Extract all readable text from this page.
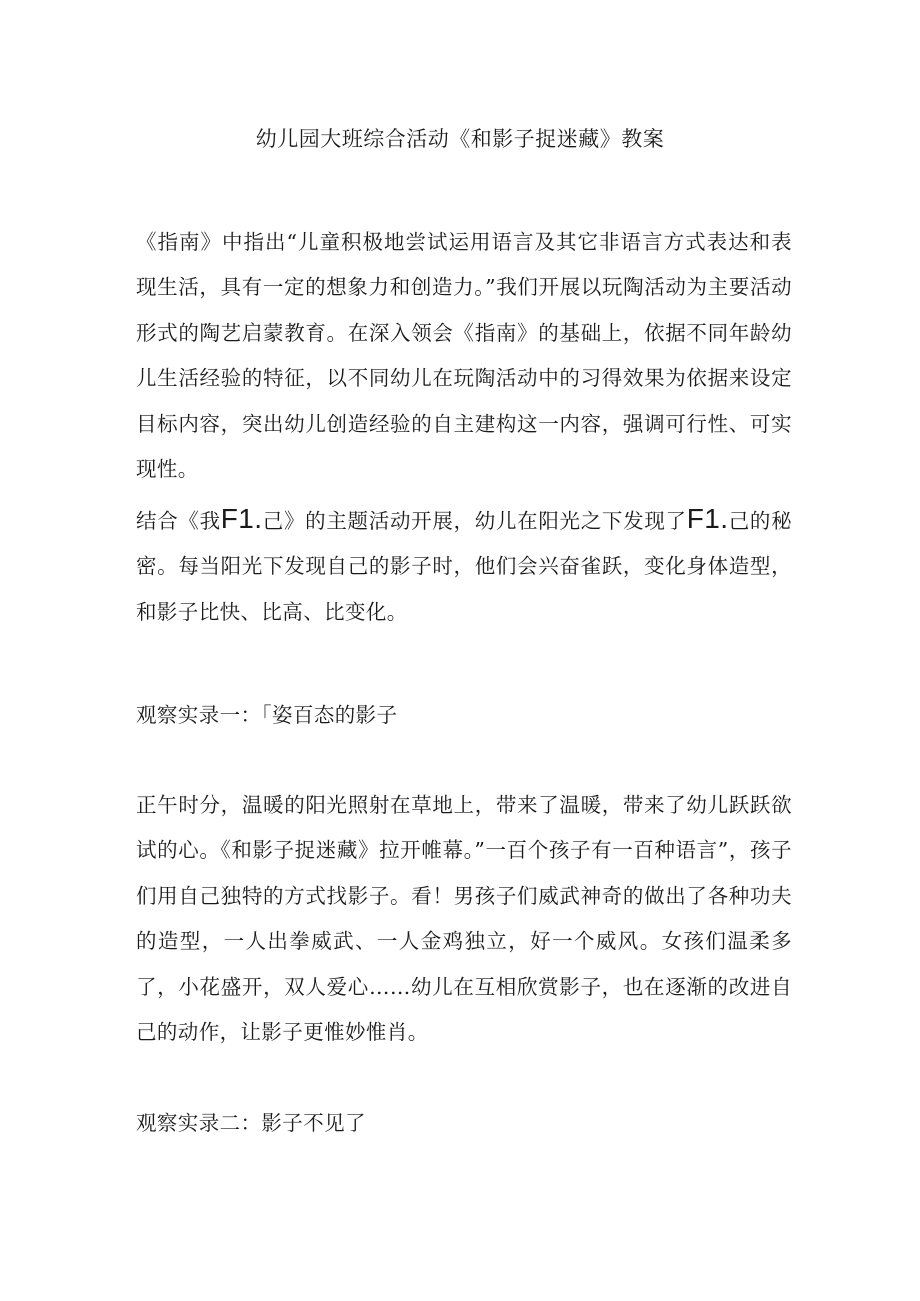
幼儿园大班综合活动《和影子捉迷藏》教案

《指南》中指出“儿童积极地尝试运用语言及其它非语言方式表达和表现生活，具有一定的想象力和创造力。”我们开展以玩陶活动为主要活动形式的陶艺启蒙教育。在深入领会《指南》的基础上，依据不同年龄幼儿生活经验的特征，以不同幼儿在玩陶活动中的习得效果为依据来设定目标内容，突出幼儿创造经验的自主建构这一内容，强调可行性、可实现性。

结合《我F1.己》的主题活动开展，幼儿在阳光之下发现了F1.己的秘密。每当阳光下发现自己的影子时，他们会兴奋雀跃，变化身体造型，和影子比快、比高、比变化。

观察实录一：「姿百态的影子

正午时分，温暖的阳光照射在草地上，带来了温暖，带来了幼儿跃跃欲试的心。《和影子捉迷藏》拉开帷幕。”一百个孩子有一百种语言”，孩子们用自己独特的方式找影子。看！男孩子们威武神奇的做出了各种功夫的造型，一人出拳威武、一人金鸡独立，好一个威风。女孩们温柔多了，小花盛开，双人爱心……幼儿在互相欣赏影子，也在逐渐的改进自己的动作，让影子更惟妙惟肖。

观察实录二：影子不见了
